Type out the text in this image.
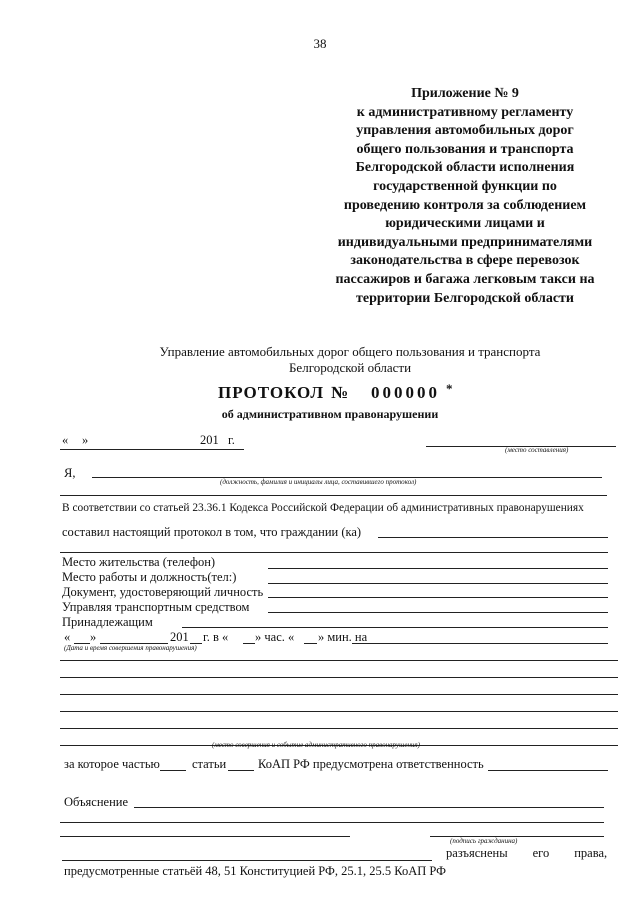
38
Приложение № 9
к административному регламенту
управления автомобильных дорог
общего пользования и транспорта
Белгородской области исполнения
государственной функции по
проведению контроля за соблюдением
юридическими лицами и
индивидуальными предпринимателями
законодательства в сфере перевозок
пассажиров и багажа легковым такси на
территории Белгородской области
Управление автомобильных дорог общего пользования и транспорта
Белгородской области
ПРОТОКОЛ № 000000 *
об административном правонарушении
« »	201 г.
(место составления)
Я,
(должность, фамилия и инициалы лица, составившего протокол)
В соответствии со статьей 23.36.1 Кодекса Российской Федерации об административных правонарушениях
составил настоящий протокол в том, что граждании (ка)
Место жительства (телефон)
Место работы и должность(тел:)
Документ, удостоверяющий личность
Управляя транспортным средством
Принадлежащим
« »	201 г. в « » час. « » мин. на
(Дата и время совершения правонарушения)
(место совершения и событие административного правонарушения)
за которое частью	статьи	КоАП РФ предусмотрена ответственность
Объяснение
(подпись гражданина)
разъяснены        его        права,
предусмотренные статьёй 48, 51 Конституцией РФ, 25.1, 25.5 КоАП РФ
